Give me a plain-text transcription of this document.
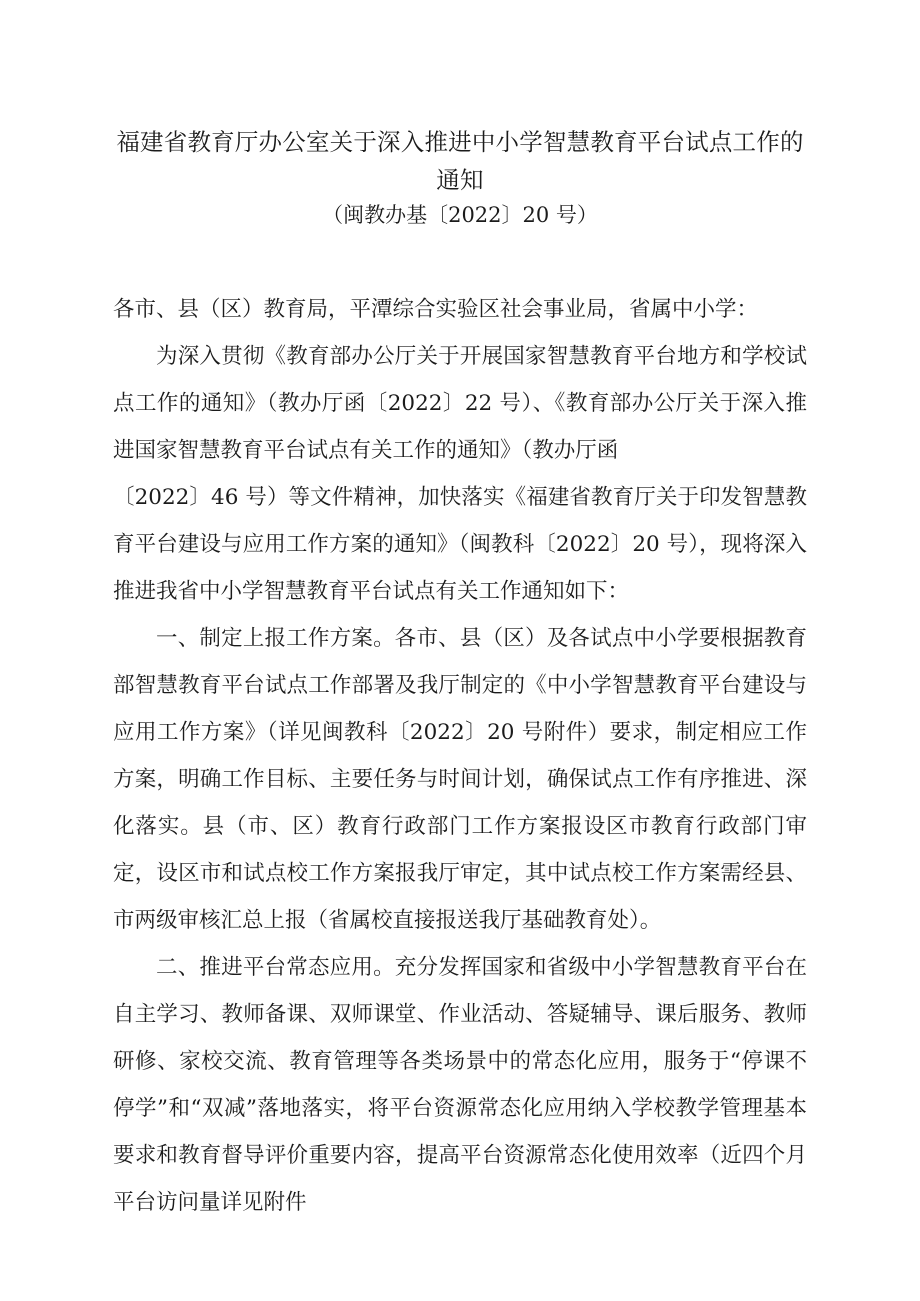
福建省教育厅办公室关于深入推进中小学智慧教育平台试点工作的通知

（闽教办基〔2022〕20 号）

各市、县（区）教育局，平潭综合实验区社会事业局，省属中小学：

为深入贯彻《教育部办公厅关于开展国家智慧教育平台地方和学校试点工作的通知》（教办厅函〔2022〕22 号）、《教育部办公厅关于深入推进国家智慧教育平台试点有关工作的通知》（教办厅函

〔2022〕46 号）等文件精神，加快落实《福建省教育厅关于印发智慧教育平台建设与应用工作方案的通知》（闽教科〔2022〕20 号），现将深入推进我省中小学智慧教育平台试点有关工作通知如下：

一、制定上报工作方案。各市、县（区）及各试点中小学要根据教育部智慧教育平台试点工作部署及我厅制定的《中小学智慧教育平台建设与应用工作方案》（详见闽教科〔2022〕20 号附件）要求，制定相应工作方案，明确工作目标、主要任务与时间计划，确保试点工作有序推进、深化落实。县（市、区）教育行政部门工作方案报设区市教育行政部门审定，设区市和试点校工作方案报我厅审定，其中试点校工作方案需经县、市两级审核汇总上报（省属校直接报送我厅基础教育处）。

二、推进平台常态应用。充分发挥国家和省级中小学智慧教育平台在自主学习、教师备课、双师课堂、作业活动、答疑辅导、课后服务、教师研修、家校交流、教育管理等各类场景中的常态化应用，服务于“停课不停学”和“双减”落地落实，将平台资源常态化应用纳入学校教学管理基本要求和教育督导评价重要内容，提高平台资源常态化使用效率（近四个月平台访问量详见附件
